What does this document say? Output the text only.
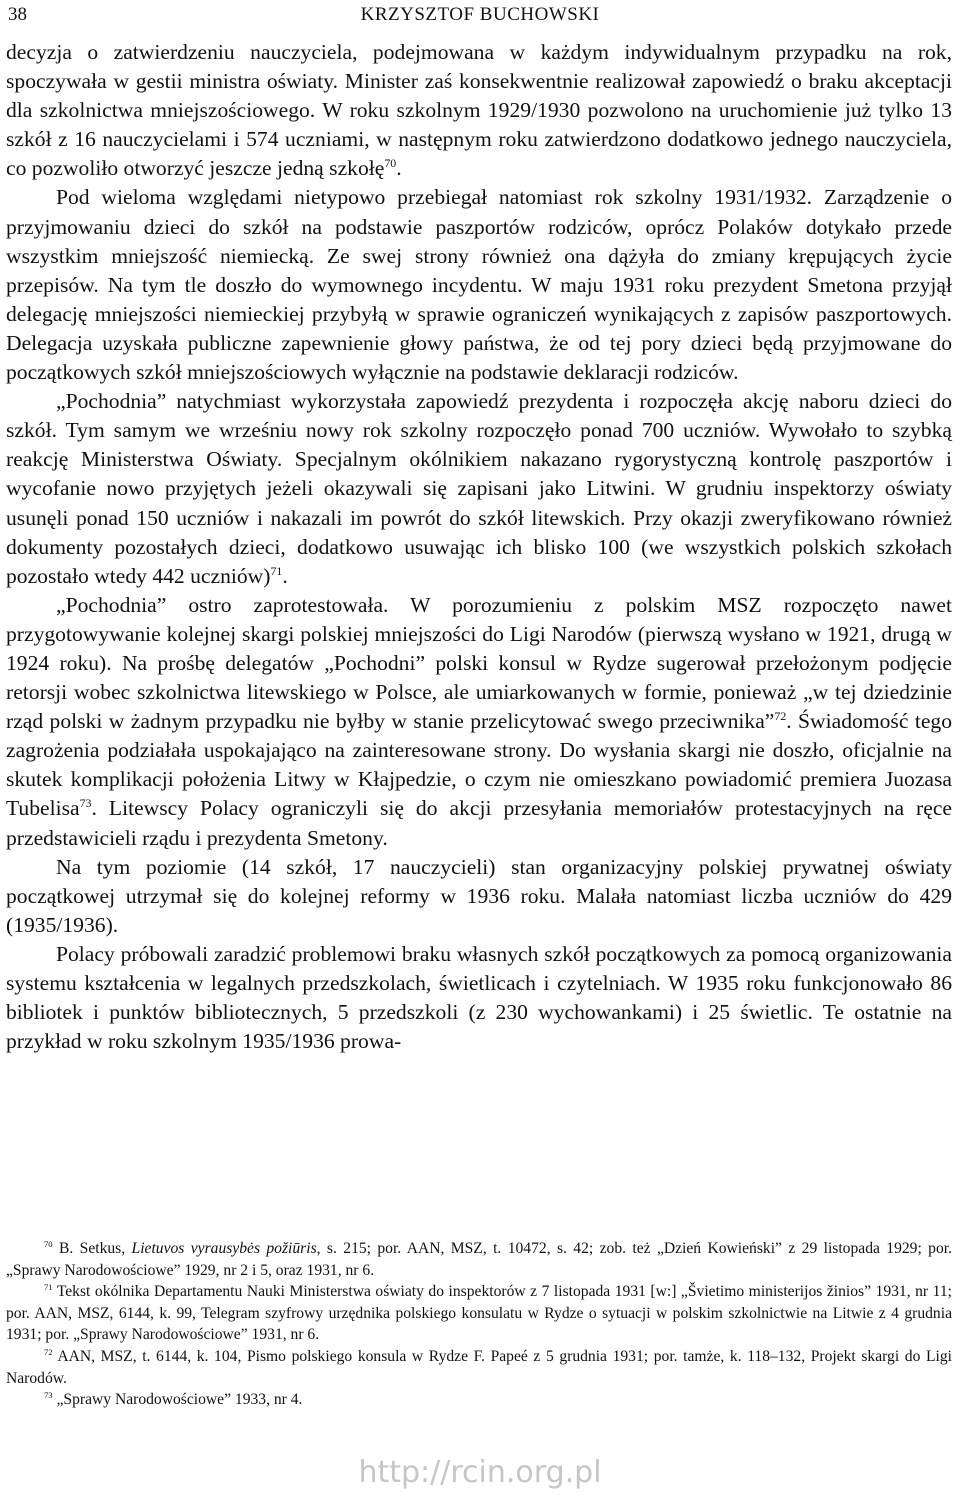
38	KRZYSZTOF BUCHOWSKI

decyzja o zatwierdzeniu nauczyciela, podejmowana w każdym indywidualnym przypadku na rok, spoczywała w gestii ministra oświaty. Minister zaś konsekwentnie realizował zapowiedź o braku akceptacji dla szkolnictwa mniejszościowego. W roku szkolnym 1929/1930 pozwolono na uruchomienie już tylko 13 szkół z 16 nauczycielami i 574 uczniami, w następnym roku zatwierdzono dodatkowo jednego nauczyciela, co pozwoliło otworzyć jeszcze jedną szkołę$^{70}$.

Pod wieloma względami nietypowo przebiegał natomiast rok szkolny 1931/1932. Zarządzenie o przyjmowaniu dzieci do szkół na podstawie paszportów rodziców, oprócz Polaków dotykało przede wszystkim mniejszość niemiecką. Ze swej strony również ona dążyła do zmiany krępujących życie przepisów. Na tym tle doszło do wymownego incydentu. W maju 1931 roku prezydent Smetona przyjął delegację mniejszości niemieckiej przybyłą w sprawie ograniczeń wynikających z zapisów paszportowych. Delegacja uzyskała publiczne zapewnienie głowy państwa, że od tej pory dzieci będą przyjmowane do początkowych szkół mniejszościowych wyłącznie na podstawie deklaracji rodziców.

„Pochodnia” natychmiast wykorzystała zapowiedź prezydenta i rozpoczęła akcję naboru dzieci do szkół. Tym samym we wrześniu nowy rok szkolny rozpoczęło ponad 700 uczniów. Wywołało to szybką reakcję Ministerstwa Oświaty. Specjalnym okólnikiem nakazano rygorystyczną kontrolę paszportów i wycofanie nowo przyjętych jeżeli okazywali się zapisani jako Litwini. W grudniu inspektorzy oświaty usunęli ponad 150 uczniów i nakazali im powrót do szkół litewskich. Przy okazji zweryfikowano również dokumenty pozostałych dzieci, dodatkowo usuwając ich blisko 100 (we wszystkich polskich szkołach pozostało wtedy 442 uczniów)$^{71}$.

„Pochodnia” ostro zaprotestowała. W porozumieniu z polskim MSZ rozpoczęto nawet przygotowywanie kolejnej skargi polskiej mniejszości do Ligi Narodów (pierwszą wysłano w 1921, drugą w 1924 roku). Na prośbę delegatów „Pochodni” polski konsul w Rydze sugerował przełożonym podjęcie retorsji wobec szkolnictwa litewskiego w Polsce, ale umiarkowanych w formie, ponieważ „w tej dziedzinie rząd polski w żadnym przypadku nie byłby w stanie przelicytować swego przeciwnika”$^{72}$. Świadomość tego zagrożenia podziałała uspokajająco na zainteresowane strony. Do wysłania skargi nie doszło, oficjalnie na skutek komplikacji położenia Litwy w Kłajpedzie, o czym nie omieszkano powiadomić premiera Juozasa Tubelisa$^{73}$. Litewscy Polacy ograniczyli się do akcji przesyłania memoriałów protestacyjnych na ręce przedstawicieli rządu i prezydenta Smetony.

Na tym poziomie (14 szkół, 17 nauczycieli) stan organizacyjny polskiej prywatnej oświaty początkowej utrzymał się do kolejnej reformy w 1936 roku. Malała natomiast liczba uczniów do 429 (1935/1936).

Polacy próbowali zaradzić problemowi braku własnych szkół początkowych za pomocą organizowania systemu kształcenia w legalnych przedszkolach, świetlicach i czytelniach. W 1935 roku funkcjonowało 86 bibliotek i punktów bibliotecznych, 5 przedszkoli (z 230 wychowankami) i 25 świetlic. Te ostatnie na przykład w roku szkolnym 1935/1936 prowa-

$^{70}$ B. Setkus, Lietuvos vyrausybės požiūris, s. 215; por. AAN, MSZ, t. 10472, s. 42; zob. też „Dzień Kowieński” z 29 listopada 1929; por. „Sprawy Narodowościowe” 1929, nr 2 i 5, oraz 1931, nr 6.

$^{71}$ Tekst okólnika Departamentu Nauki Ministerstwa oświaty do inspektorów z 7 listopada 1931 [w:] „Švietimo ministerijos žinios” 1931, nr 11; por. AAN, MSZ, 6144, k. 99, Telegram szyfrowy urzędnika polskiego konsulatu w Rydze o sytuacji w polskim szkolnictwie na Litwie z 4 grudnia 1931; por. „Sprawy Narodowościowe” 1931, nr 6.

$^{72}$ AAN, MSZ, t. 6144, k. 104, Pismo polskiego konsula w Rydze F. Papeé z 5 grudnia 1931; por. tamże, k. 118–132, Projekt skargi do Ligi Narodów.

$^{73}$ „Sprawy Narodowościowe” 1933, nr 4.

http://rcin.org.pl
